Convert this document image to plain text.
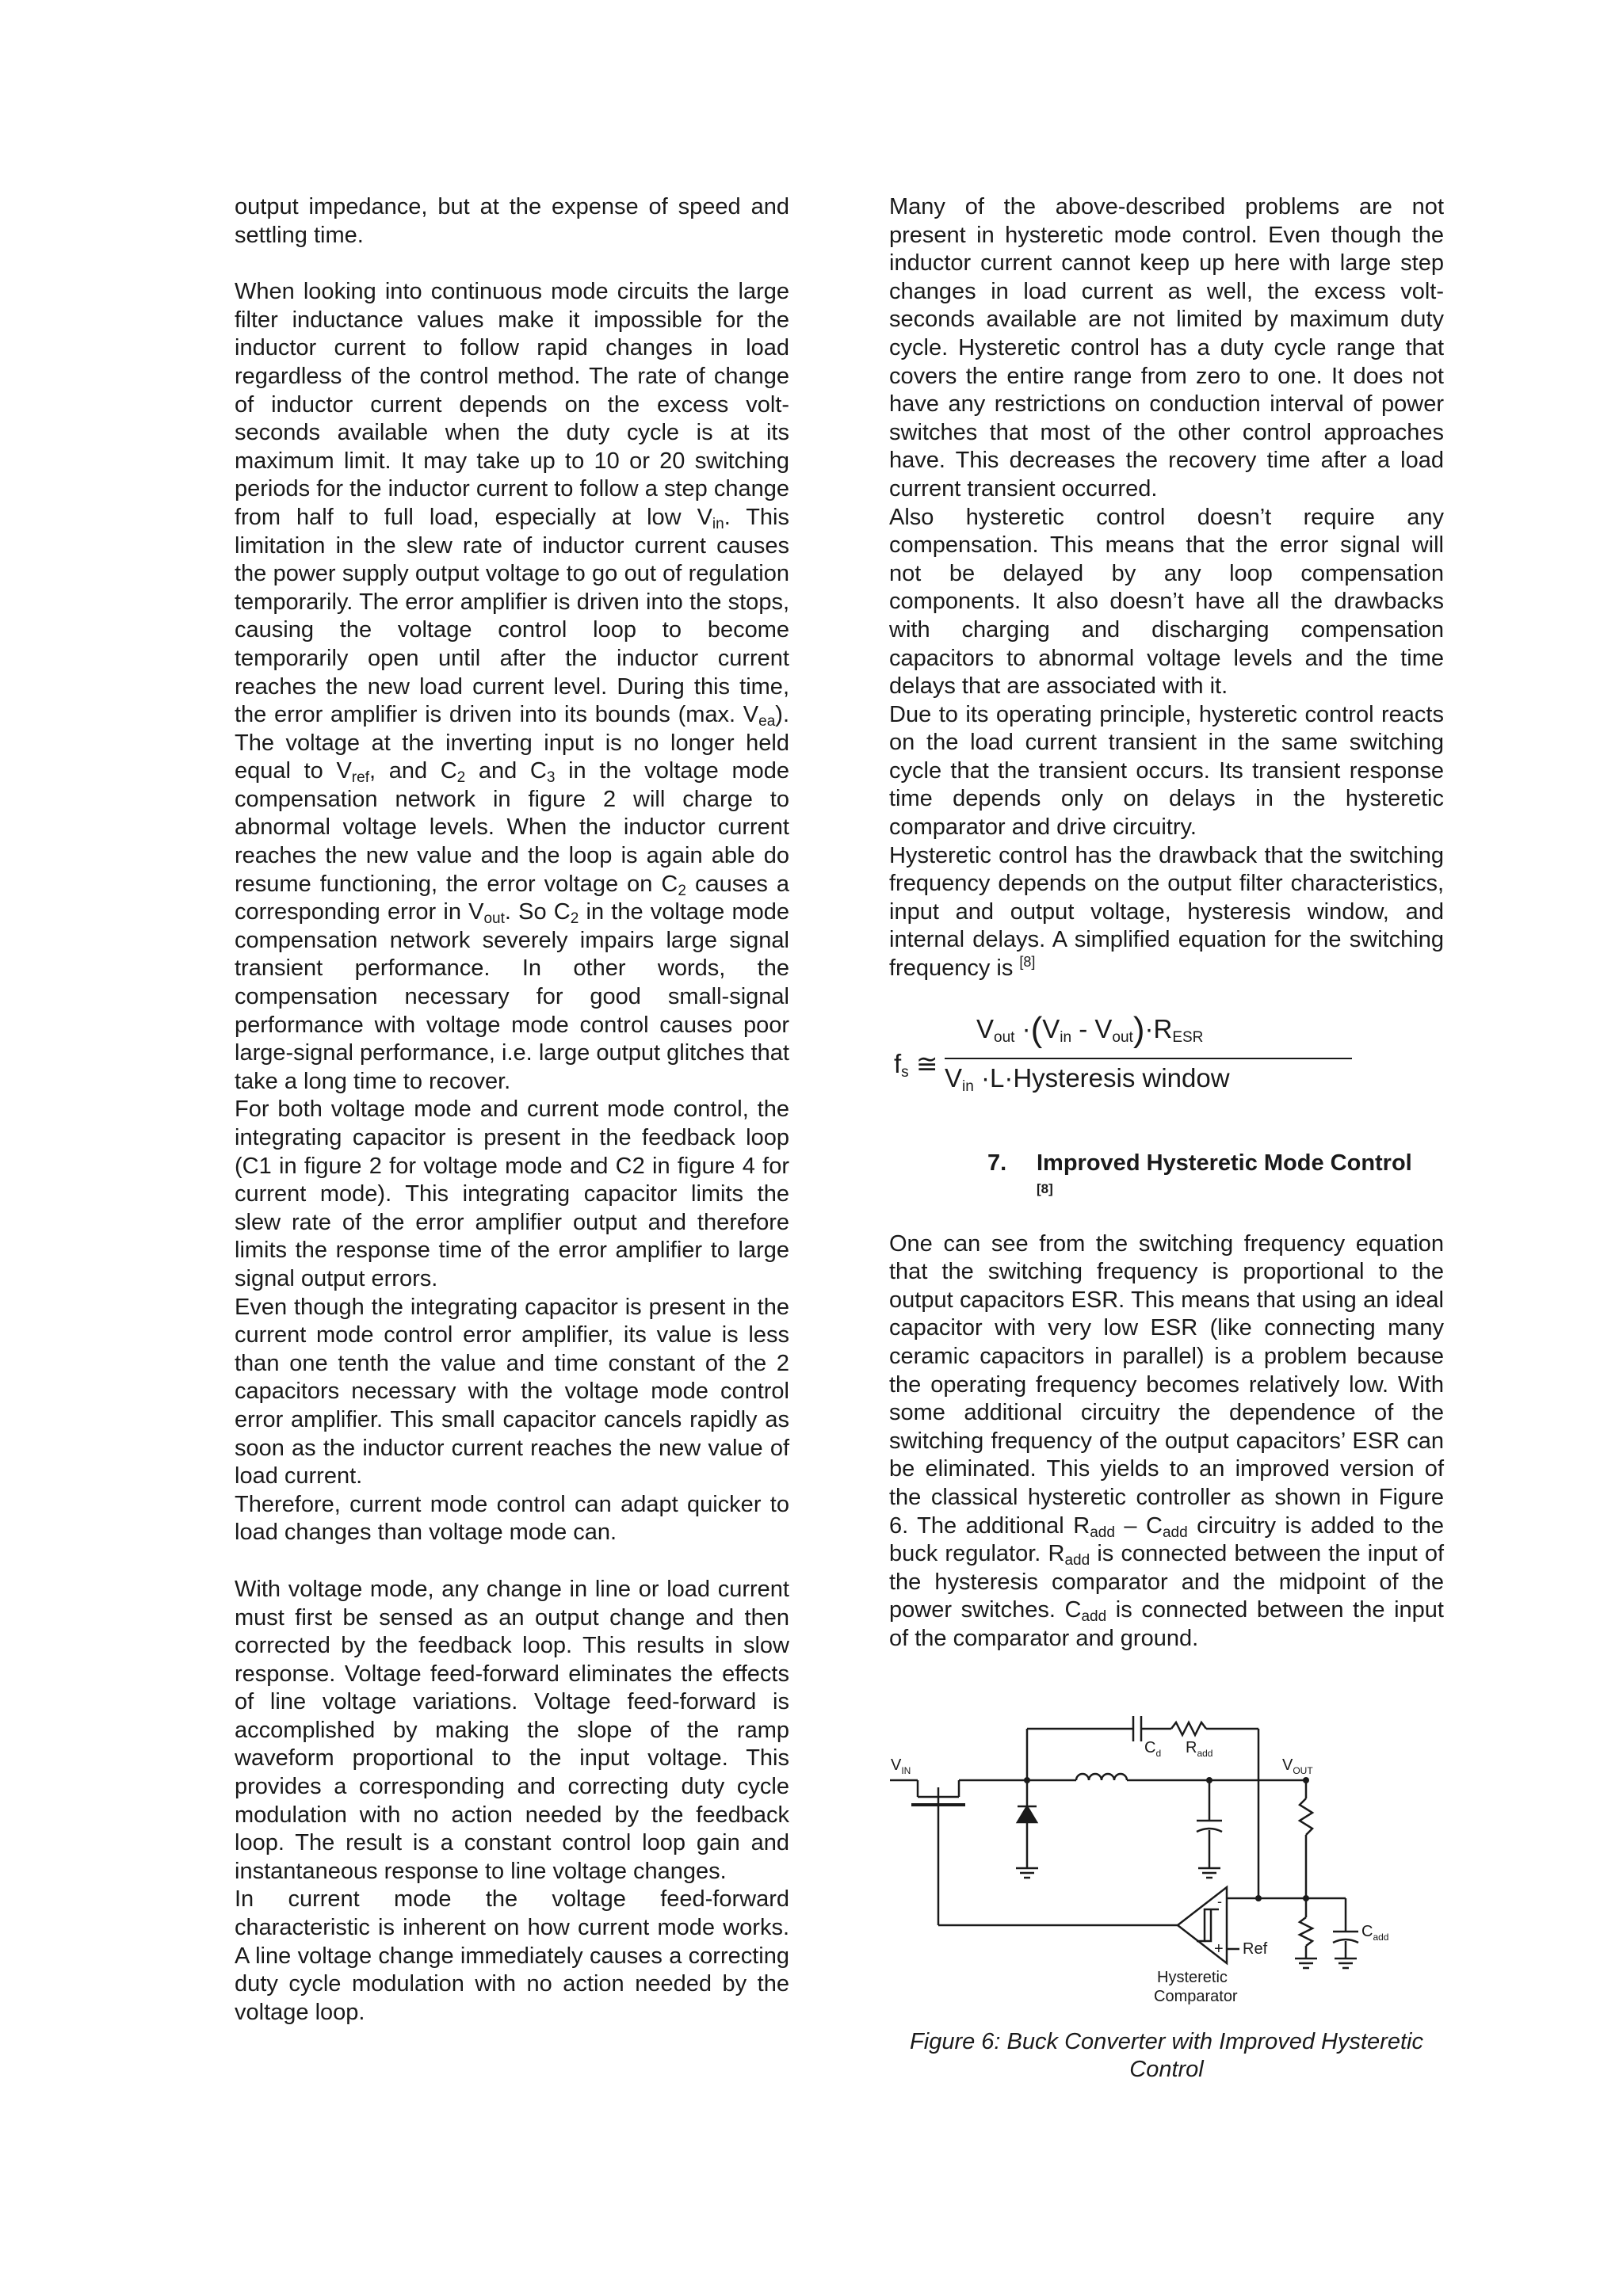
output impedance, but at the expense of speed and settling time.

When looking into continuous mode circuits the large filter inductance values make it impossible for the inductor current to follow rapid changes in load regardless of the control method. The rate of change of inductor current depends on the excess volt-seconds available when the duty cycle is at its maximum limit. It may take up to 10 or 20 switching periods for the inductor current to follow a step change from half to full load, especially at low $V_{in}$. This limitation in the slew rate of inductor current causes the power supply output voltage to go out of regulation temporarily. The error amplifier is driven into the stops, causing the voltage control loop to become temporarily open until after the inductor current reaches the new load current level. During this time, the error amplifier is driven into its bounds (max. $V_{ea}$). The voltage at the inverting input is no longer held equal to $V_{ref}$, and $C_2$ and $C_3$ in the voltage mode compensation network in figure 2 will charge to abnormal voltage levels. When the inductor current reaches the new value and the loop is again able do resume functioning, the error voltage on $C_2$ causes a corresponding error in $V_{out}$. So $C_2$ in the voltage mode compensation network severely impairs large signal transient performance. In other words, the compensation necessary for good small-signal performance with voltage mode control causes poor large-signal performance, i.e. large output glitches that take a long time to recover.

For both voltage mode and current mode control, the integrating capacitor is present in the feedback loop (C1 in figure 2 for voltage mode and C2 in figure 4 for current mode). This integrating capacitor limits the slew rate of the error amplifier output and therefore limits the response time of the error amplifier to large signal output errors.

Even though the integrating capacitor is present in the current mode control error amplifier, its value is less than one tenth the value and time constant of the 2 capacitors necessary with the voltage mode control error amplifier. This small capacitor cancels rapidly as soon as the inductor current reaches the new value of load current.

Therefore, current mode control can adapt quicker to load changes than voltage mode can.

With voltage mode, any change in line or load current must first be sensed as an output change and then corrected by the feedback loop. This results in slow response. Voltage feed-forward eliminates the effects of line voltage variations. Voltage feed-forward is accomplished by making the slope of the ramp waveform proportional to the input voltage. This provides a corresponding and correcting duty cycle modulation with no action needed by the feedback loop. The result is a constant control loop gain and instantaneous response to line voltage changes.

In current mode the voltage feed-forward characteristic is inherent on how current mode works. A line voltage change immediately causes a correcting duty cycle modulation with no action needed by the voltage loop.

Many of the above-described problems are not present in hysteretic mode control. Even though the inductor current cannot keep up here with large step changes in load current as well, the excess volt-seconds available are not limited by maximum duty cycle. Hysteretic control has a duty cycle range that covers the entire range from zero to one. It does not have any restrictions on conduction interval of power switches that most of the other control approaches have. This decreases the recovery time after a load current transient occurred.

Also hysteretic control doesn’t require any compensation. This means that the error signal will not be delayed by any loop compensation components. It also doesn’t have all the drawbacks with charging and discharging compensation capacitors to abnormal voltage levels and the time delays that are associated with it.

Due to its operating principle, hysteretic control reacts on the load current transient in the same switching cycle that the transient occurs. Its transient response time depends only on delays in the hysteretic comparator and drive circuitry.

Hysteretic control has the drawback that the switching frequency depends on the output filter characteristics, input and output voltage, hysteresis window, and internal delays. A simplified equation for the switching frequency is [8]

$f_s$ ≅
$V_{out} \cdot(V_{in} - V_{out})\cdot R_{ESR}$
$V_{in}$ ·L·Hysteresis window
7. Improved Hysteretic Mode Control
[8]

One can see from the switching frequency equation that the switching frequency is proportional to the output capacitors ESR. This means that using an ideal capacitor with very low ESR (like connecting many ceramic capacitors in parallel) is a problem because the operating frequency becomes relatively low. With some additional circuitry the dependence of the switching frequency of the output capacitors’ ESR can be eliminated. This yields to an improved version of the classical hysteretic controller as shown in Figure 6. The additional $R_{add} - C_{add}$ circuitry is added to the buck regulator. $R_{add}$ is connected between the input of the hysteresis comparator and the midpoint of the power switches. $C_{add}$ is connected between the input of the comparator and ground.

$V_{IN}$	$V_{OUT}$
$C_d$ $R_{add}$
$C_{add}$
Ref
-
+
Hysteretic
Comparator
Figure 6: Buck Converter with Improved Hysteretic Control
